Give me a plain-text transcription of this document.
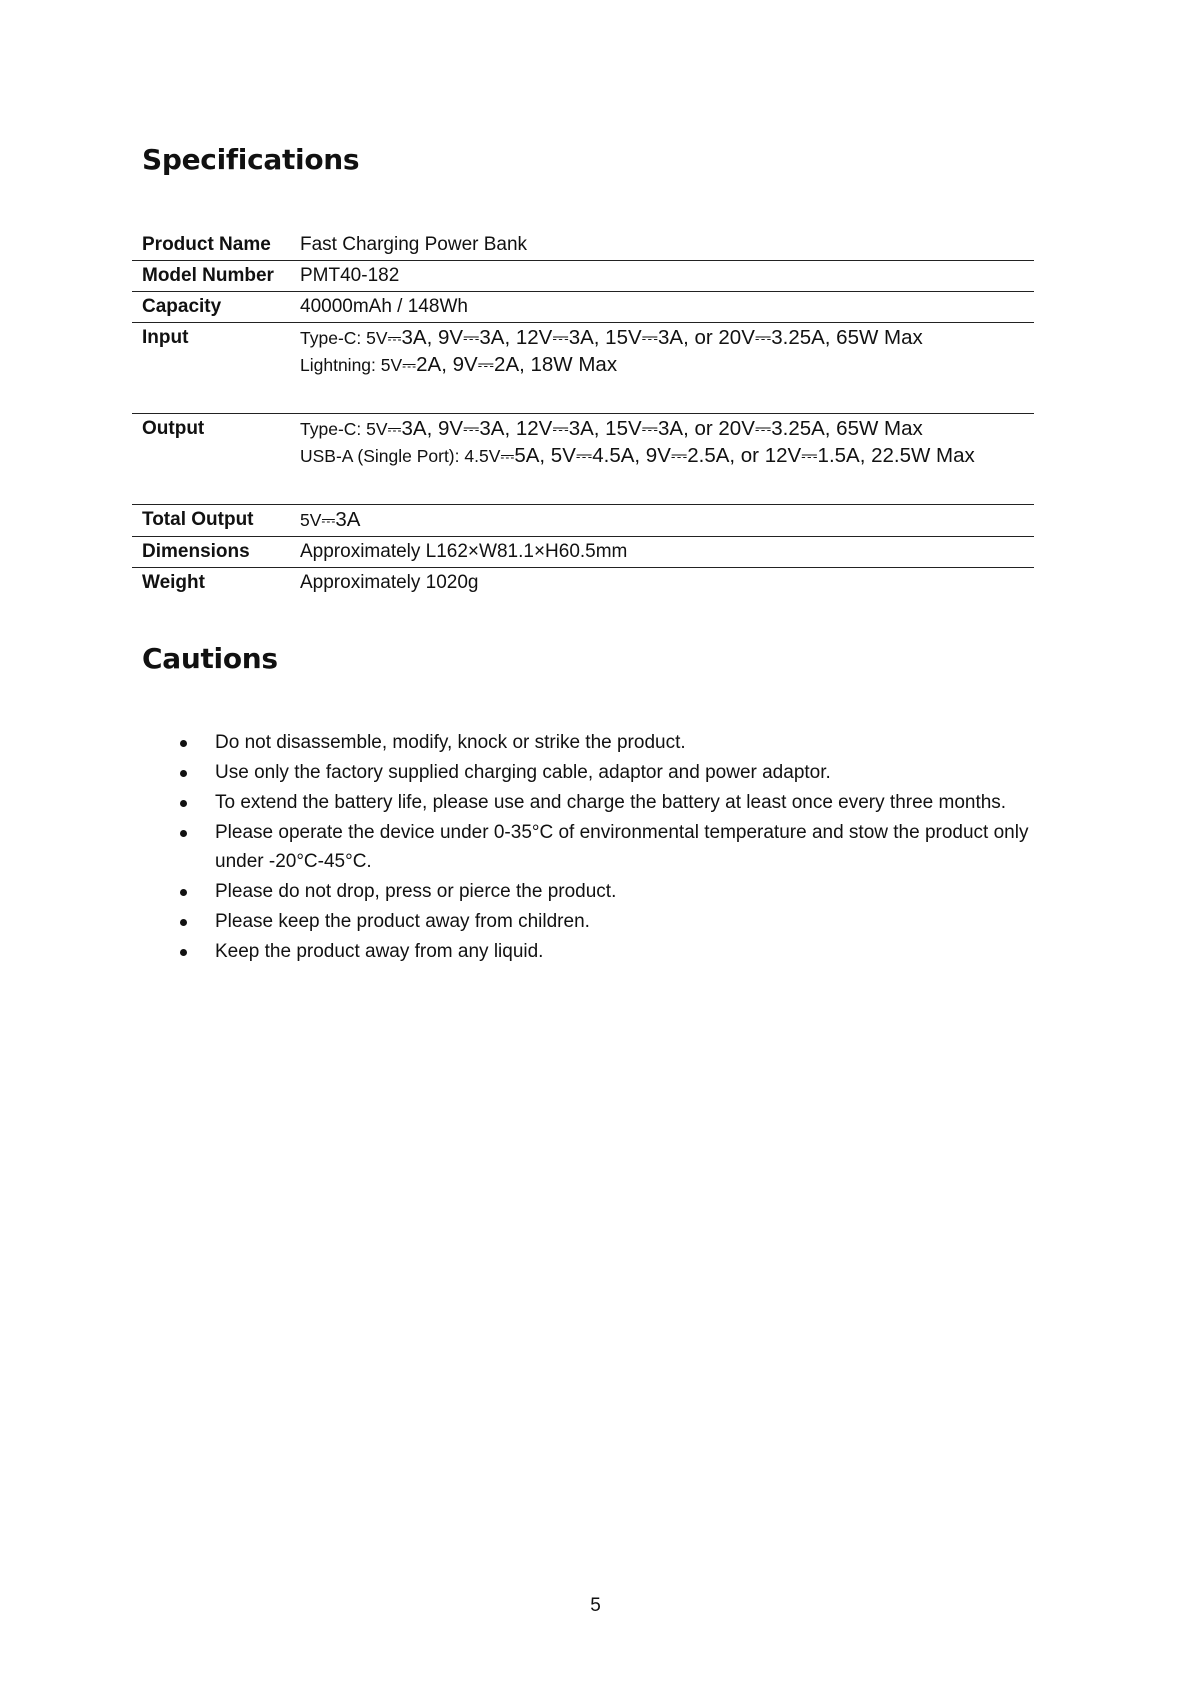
Specifications
Product Name	Fast Charging Power Bank
Model Number	PMT40-182
Capacity	40000mAh / 148Wh
Input	Type-C: 5V⎓3A, 9V⎓3A, 12V⎓3A, 15V⎓3A, or 20V⎓3.25A, 65W Max
Lightning: 5V⎓2A, 9V⎓2A, 18W Max

Output	Type-C: 5V⎓3A, 9V⎓3A, 12V⎓3A, 15V⎓3A, or 20V⎓3.25A, 65W Max
USB-A (Single Port): 4.5V⎓5A, 5V⎓4.5A, 9V⎓2.5A, or 12V⎓1.5A, 22.5W Max

Total Output	5V⎓3A
Dimensions	Approximately L162×W81.1×H60.5mm
Weight	Approximately 1020g
Cautions
Do not disassemble, modify, knock or strike the product.
Use only the factory supplied charging cable, adaptor and power adaptor.
To extend the battery life, please use and charge the battery at least once every three months.
Please operate the device under 0-35°C of environmental temperature and stow the product only under -20°C-45°C.
Please do not drop, press or pierce the product.
Please keep the product away from children.
Keep the product away from any liquid.
5
